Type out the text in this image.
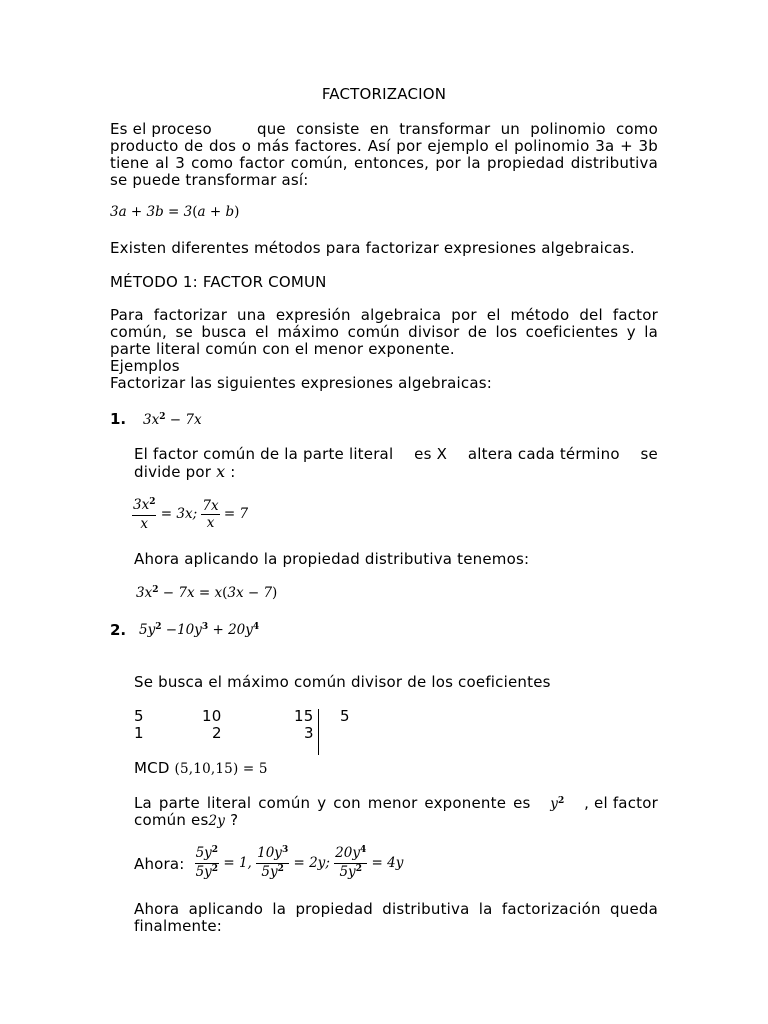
FACTORIZACION
Es el proceso	que consiste en transformar un polinomio como
producto de dos o más factores. Así por ejemplo el polinomio 3a + 3b
tiene al 3 como factor común, entonces, por la propiedad distributiva
se puede transformar así:
3a + 3b = 3(a + b)
Existen diferentes métodos para factorizar expresiones algebraicas.
MÉTODO 1: FACTOR COMUN
Para factorizar una expresión algebraica por el método del factor
común, se busca el máximo común divisor de los coeficientes y la
parte literal común con el menor exponente.
Ejemplos
Factorizar las siguientes expresiones algebraicas:
1. $3x^2 - 7x$
El factor común de la parte literal es X altera cada término se
divide por x :
$\frac{3x^2}{x} = 3x$; $\frac{7x}{x} = 7$
Ahora aplicando la propiedad distributiva tenemos:
$3x^2 - 7x = x(3x - 7)$
2. $5y^2 -10y^3 + 20y^4$
Se busca el máximo común divisor de los coeficientes
5	10	15 5
1	2	3
MCD (5,10,15) = 5
La parte literal común y con menor exponente es $y^2$ , el factor
común es2y ?
Ahora: $\frac{5y^2}{5y^2} = 1$, $\frac{10y^3}{5y^2} = 2y$; $\frac{20y^4}{5y^2} = 4y$
Ahora aplicando la propiedad distributiva la factorización queda
finalmente:
